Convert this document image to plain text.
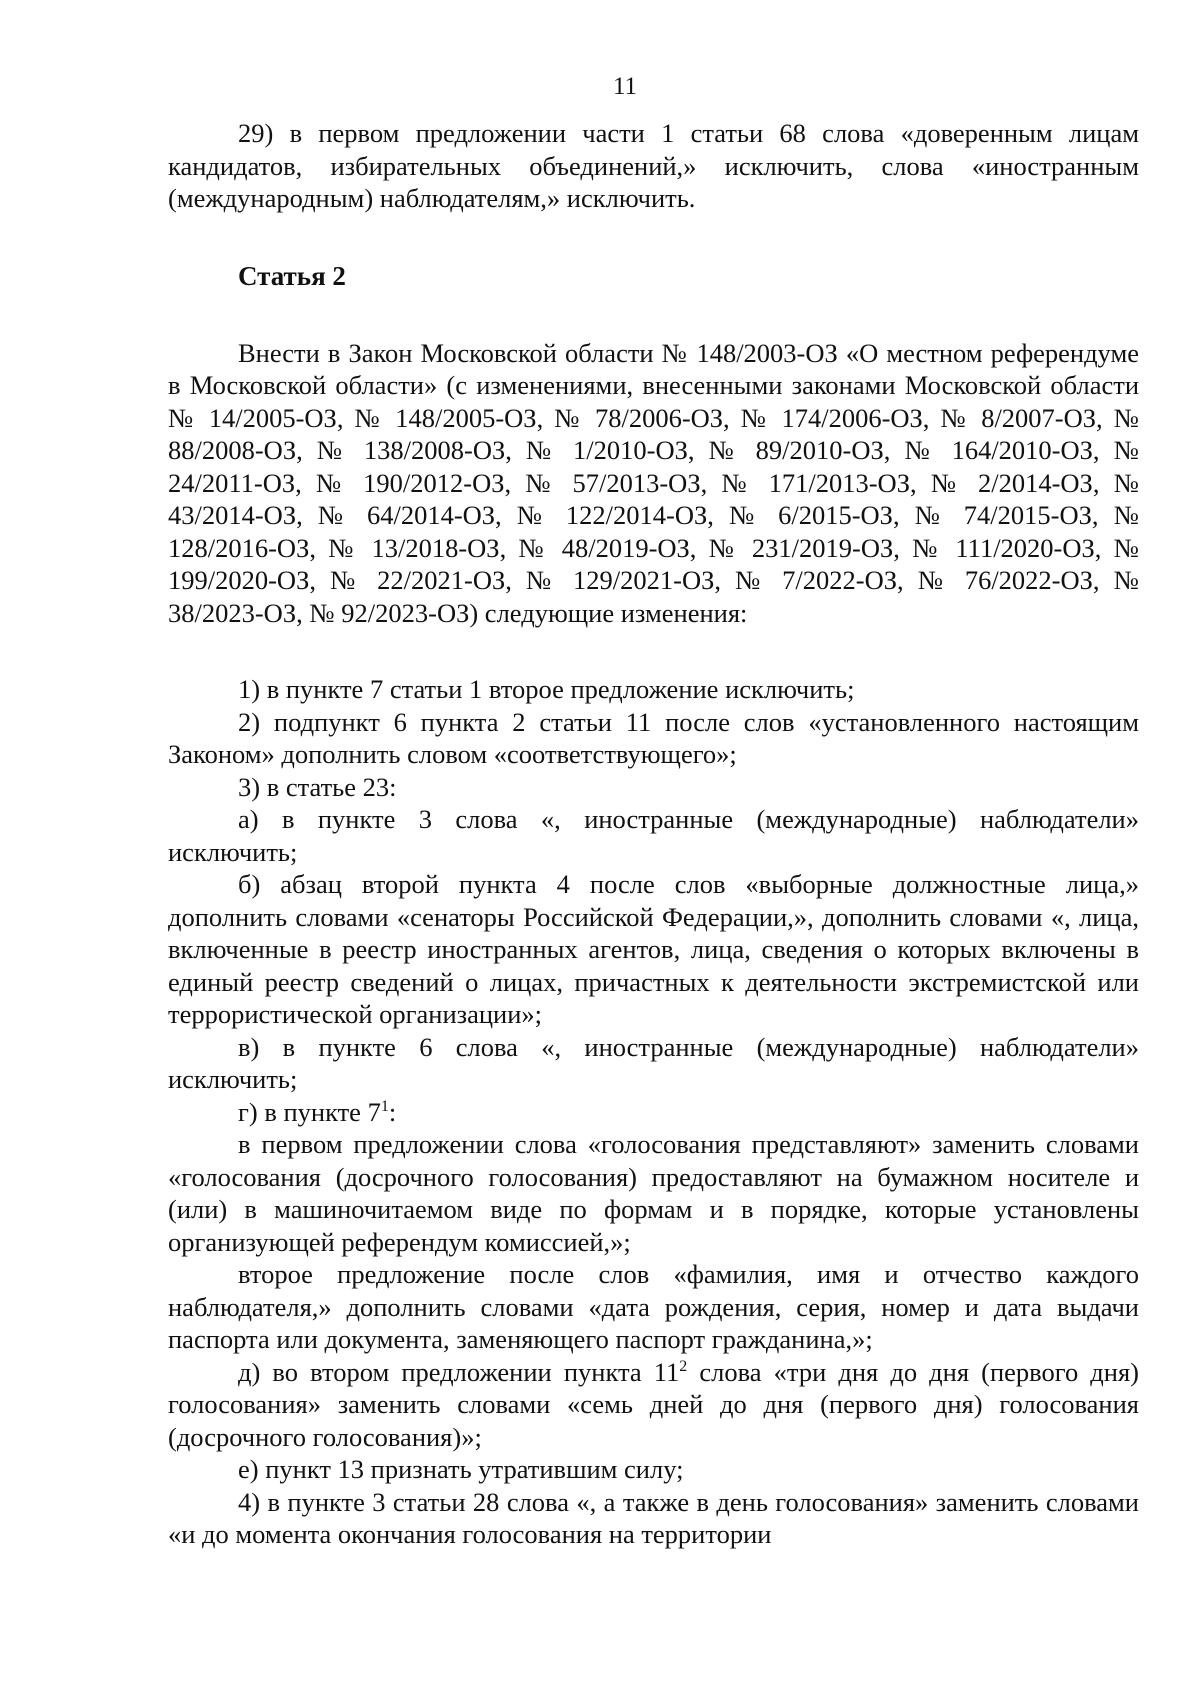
11

29) в первом предложении части 1 статьи 68 слова «доверенным лицам кандидатов, избирательных объединений,» исключить, слова «иностранным (международным) наблюдателям,» исключить.

Статья 2

Внести в Закон Московской области № 148/2003-ОЗ «О местном референдуме в Московской области» (с изменениями, внесенными законами Московской области № 14/2005-ОЗ, № 148/2005-ОЗ, № 78/2006-ОЗ, № 174/2006-ОЗ, № 8/2007-ОЗ, № 88/2008-ОЗ, № 138/2008-ОЗ, № 1/2010-ОЗ, № 89/2010-ОЗ, № 164/2010-ОЗ, № 24/2011-ОЗ, № 190/2012-ОЗ, № 57/2013-ОЗ, № 171/2013-ОЗ, № 2/2014-ОЗ, № 43/2014-ОЗ, № 64/2014-ОЗ, № 122/2014-ОЗ, № 6/2015-ОЗ, № 74/2015-ОЗ, № 128/2016-ОЗ, № 13/2018-ОЗ, № 48/2019-ОЗ, № 231/2019-ОЗ, № 111/2020-ОЗ, № 199/2020-ОЗ, № 22/2021-ОЗ, № 129/2021-ОЗ, № 7/2022-ОЗ, № 76/2022-ОЗ, № 38/2023-ОЗ, № 92/2023-ОЗ) следующие изменения:

1) в пункте 7 статьи 1 второе предложение исключить;

2) подпункт 6 пункта 2 статьи 11 после слов «установленного настоящим Законом» дополнить словом «соответствующего»;

3) в статье 23:

а) в пункте 3 слова «, иностранные (международные) наблюдатели» исключить;

б) абзац второй пункта 4 после слов «выборные должностные лица,» дополнить словами «сенаторы Российской Федерации,», дополнить словами «, лица, включенные в реестр иностранных агентов, лица, сведения о которых включены в единый реестр сведений о лицах, причастных к деятельности экстремистской или террористической организации»;

в) в пункте 6 слова «, иностранные (международные) наблюдатели» исключить;

г) в пункте $7^1$:

в первом предложении слова «голосования представляют» заменить словами «голосования (досрочного голосования) предоставляют на бумажном носителе и (или) в машиночитаемом виде по формам и в порядке, которые установлены организующей референдум комиссией,»;

второе предложение после слов «фамилия, имя и отчество каждого наблюдателя,» дополнить словами «дата рождения, серия, номер и дата выдачи паспорта или документа, заменяющего паспорт гражданина,»;

д) во втором предложении пункта $11^2$ слова «три дня до дня (первого дня) голосования» заменить словами «семь дней до дня (первого дня) голосования (досрочного голосования)»;

е) пункт 13 признать утратившим силу;

4) в пункте 3 статьи 28 слова «, а также в день голосования» заменить словами «и до момента окончания голосования на территории
